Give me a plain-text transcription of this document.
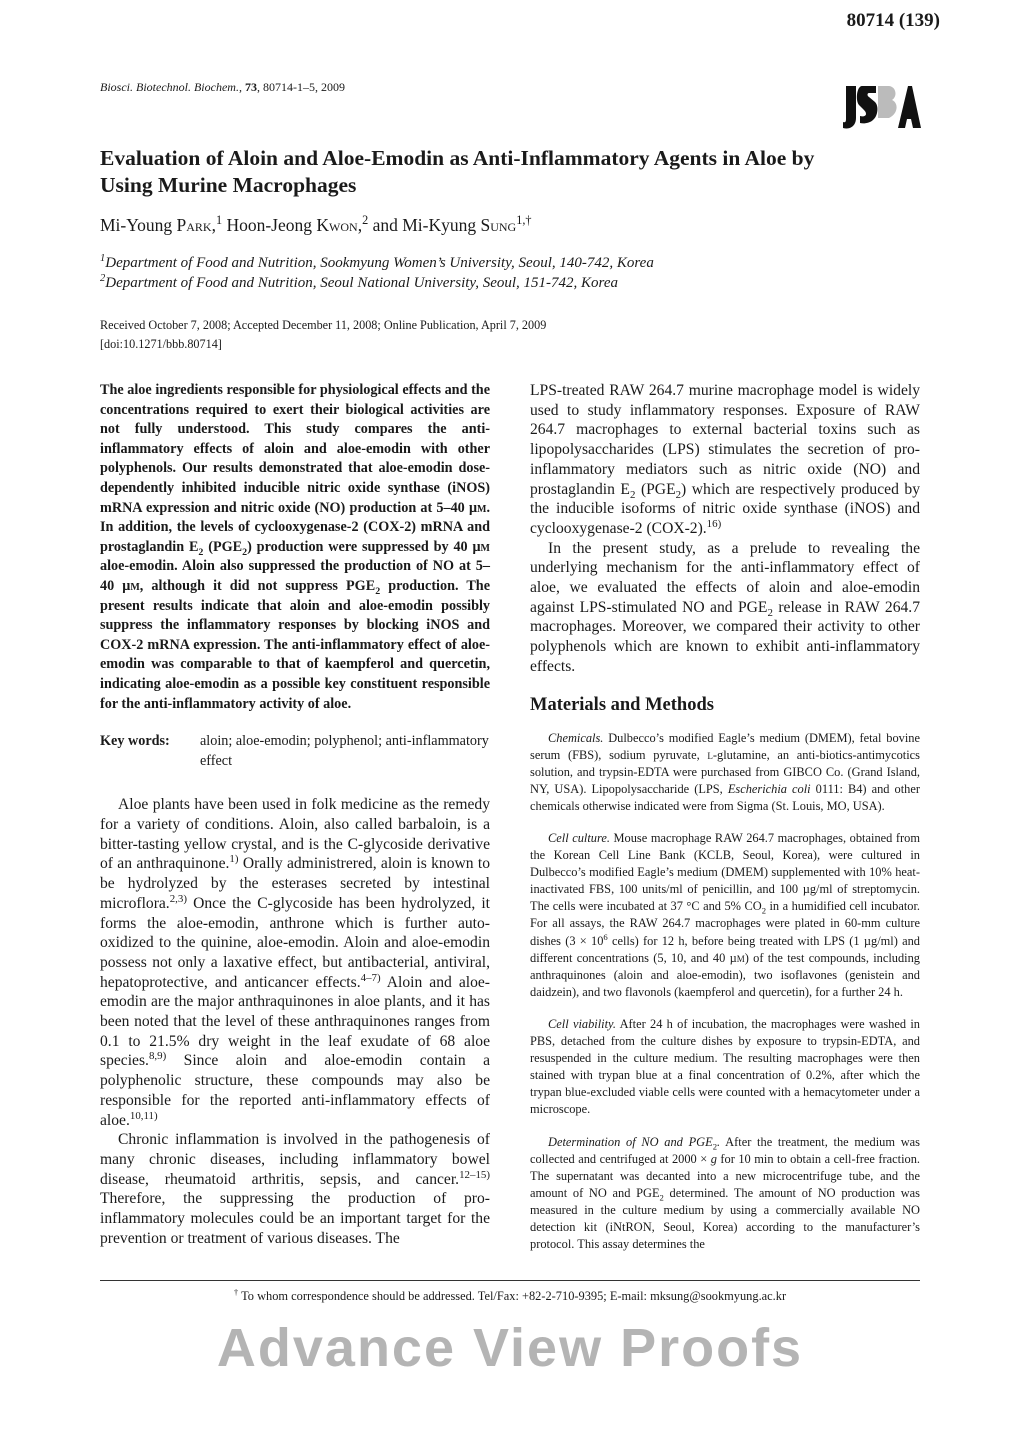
80714 (139)
Biosci. Biotechnol. Biochem., 73, 80714-1–5, 2009
Evaluation of Aloin and Aloe-Emodin as Anti-Inflammatory Agents in Aloe by Using Murine Macrophages
Mi-Young Park,$^1$ Hoon-Jeong Kwon,$^2$ and Mi-Kyung Sung$^{1,\dagger}$
$^1$Department of Food and Nutrition, Sookmyung Women’s University, Seoul, 140-742, Korea
$^2$Department of Food and Nutrition, Seoul National University, Seoul, 151-742, Korea
Received October 7, 2008; Accepted December 11, 2008; Online Publication, April 7, 2009
[doi:10.1271/bbb.80714]
The aloe ingredients responsible for physiological effects and the concentrations required to exert their biological activities are not fully understood. This study compares the anti-inflammatory effects of aloin and aloe-emodin with other polyphenols. Our results demonstrated that aloe-emodin dose-dependently inhibited inducible nitric oxide synthase (iNOS) mRNA expression and nitric oxide (NO) production at 5–40 μm. In addition, the levels of cyclooxygenase-2 (COX-2) mRNA and prostaglandin $E_2$ $(PGE_2)$ production were suppressed by 40 μm aloe-emodin. Aloin also suppressed the production of NO at 5–40 μm, although it did not suppress $PGE_2$ production. The present results indicate that aloin and aloe-emodin possibly suppress the inflammatory responses by blocking iNOS and COX-2 mRNA expression. The anti-inflammatory effect of aloe-emodin was comparable to that of kaempferol and quercetin, indicating aloe-emodin as a possible key constituent responsible for the anti-inflammatory activity of aloe.
Key words:	aloin; aloe-emodin; polyphenol; anti-inflammatory effect

Aloe plants have been used in folk medicine as the remedy for a variety of conditions. Aloin, also called barbaloin, is a bitter-tasting yellow crystal, and is the C-glycoside derivative of an anthraquinone.$^{1)}$ Orally administrered, aloin is known to be hydrolyzed by the esterases secreted by intestinal microflora.$^{2,3)}$ Once the C-glycoside has been hydrolyzed, it forms the aloe-emodin, anthrone which is further auto-oxidized to the quinine, aloe-emodin. Aloin and aloe-emodin possess not only a laxative effect, but antibacterial, antiviral, hepatoprotective, and anticancer effects.$^{4-7)}$ Aloin and aloe-emodin are the major anthraquinones in aloe plants, and it has been noted that the level of these anthraquinones ranges from 0.1 to 21.5% dry weight in the leaf exudate of 68 aloe species.$^{8,9)}$ Since aloin and aloe-emodin contain a polyphenolic structure, these compounds may also be responsible for the reported anti-inflammatory effects of aloe.$^{10,11)}$

Chronic inflammation is involved in the pathogenesis of many chronic diseases, including inflammatory bowel disease, rheumatoid arthritis, sepsis, and cancer.$^{12-15)}$ Therefore, the suppressing the production of pro-inflammatory molecules could be an important target for the prevention or treatment of various diseases. The

LPS-treated RAW 264.7 murine macrophage model is widely used to study inflammatory responses. Exposure of RAW 264.7 macrophages to external bacterial toxins such as lipopolysaccharides (LPS) stimulates the secretion of pro-inflammatory mediators such as nitric oxide (NO) and prostaglandin $E_2$ $(PGE_2)$ which are respectively produced by the inducible isoforms of nitric oxide synthase (iNOS) and cyclooxygenase-2 (COX-2).$^{16)}$

In the present study, as a prelude to revealing the underlying mechanism for the anti-inflammatory effect of aloe, we evaluated the effects of aloin and aloe-emodin against LPS-stimulated NO and $PGE_2$ release in RAW 264.7 macrophages. Moreover, we compared their activity to other polyphenols which are known to exhibit anti-inflammatory effects.

Materials and Methods

Chemicals. Dulbecco’s modified Eagle’s medium (DMEM), fetal bovine serum (FBS), sodium pyruvate, l-glutamine, an anti-biotics-antimycotics solution, and trypsin-EDTA were purchased from GIBCO Co. (Grand Island, NY, USA). Lipopolysaccharide (LPS, Escherichia coli 0111: B4) and other chemicals otherwise indicated were from Sigma (St. Louis, MO, USA).

Cell culture. Mouse macrophage RAW 264.7 macrophages, obtained from the Korean Cell Line Bank (KCLB, Seoul, Korea), were cultured in Dulbecco’s modified Eagle’s medium (DMEM) supplemented with 10% heat-inactivated FBS, 100 units/ml of penicillin, and 100 µg/ml of streptomycin. The cells were incubated at 37 °C and 5% $CO_2$ in a humidified cell incubator. For all assays, the RAW 264.7 macrophages were plated in 60-mm culture dishes ($3 \times 10^6$ cells) for 12 h, before being treated with LPS (1 µg/ml) and different concentrations (5, 10, and 40 µm) of the test compounds, including anthraquinones (aloin and aloe-emodin), two isoflavones (genistein and daidzein), and two flavonols (kaempferol and quercetin), for a further 24 h.

Cell viability. After 24 h of incubation, the macrophages were washed in PBS, detached from the culture dishes by exposure to trypsin-EDTA, and resuspended in the culture medium. The resulting macrophages were then stained with trypan blue at a final concentration of 0.2%, after which the trypan blue-excluded viable cells were counted with a hemacytometer under a microscope.

Determination of NO and $PGE_2$. After the treatment, the medium was collected and centrifuged at 2000 × g for 10 min to obtain a cell-free fraction. The supernatant was decanted into a new microcentrifuge tube, and the amount of NO and $PGE_2$ determined. The amount of NO production was measured in the culture medium by using a commercially available NO detection kit (iNtRON, Seoul, Korea) according to the manufacturer’s protocol. This assay determines the

† To whom correspondence should be addressed. Tel/Fax: +82-2-710-9395; E-mail: mksung@sookmyung.ac.kr
Advance View Proofs
